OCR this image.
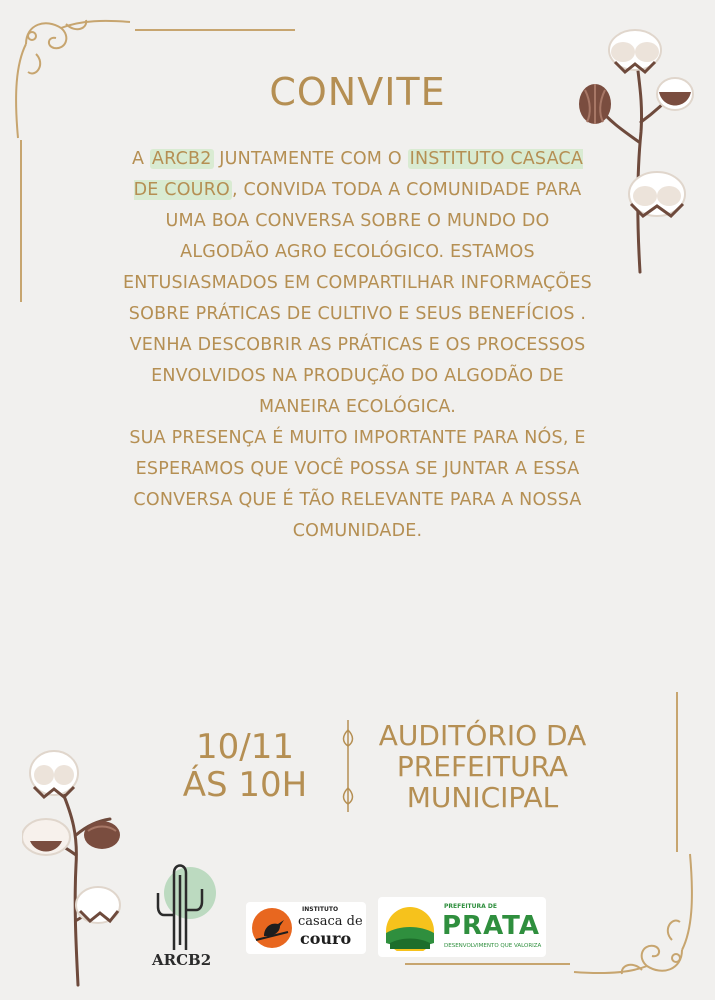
CONVITE

A ARCB2 JUNTAMENTE COM O INSTITUTO CASACA DE COURO , CONVIDA TODA A COMUNIDADE PARA UMA BOA CONVERSA SOBRE O MUNDO DO ALGODÃO AGRO ECOLÓGICO. ESTAMOS ENTUSIASMADOS EM COMPARTILHAR INFORMAÇÕES SOBRE PRÁTICAS DE CULTIVO E SEUS BENEFÍCIOS . VENHA DESCOBRIR AS PRÁTICAS E OS PROCESSOS ENVOLVIDOS NA PRODUÇÃO DO ALGODÃO DE MANEIRA ECOLÓGICA.

SUA PRESENÇA É MUITO IMPORTANTE PARA NÓS, E ESPERAMOS QUE VOCÊ POSSA SE JUNTAR A ESSA CONVERSA QUE É TÃO RELEVANTE PARA A NOSSA COMUNIDADE.

10/11
ÁS 10H
AUDITÓRIO DA
PREFEITURA
MUNICIPAL
ARCB2
INSTITUTO
casaca de
couro
PREFEITURA DE
PRATA
DESENVOLVIMENTO QUE VALORIZA
